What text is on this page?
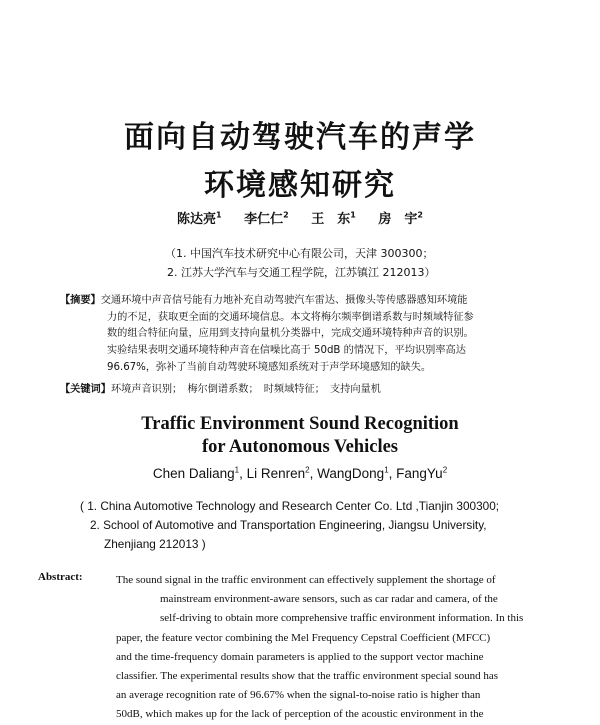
面向自动驾驶汽车的声学
环境感知研究
陈达亮$^1$ 李仁仁$^2$ 王　东$^1$ 房　宇$^2$
（1. 中国汽车技术研究中心有限公司，天津 300300；
2. 江苏大学汽车与交通工程学院，江苏镇江 212013）
【摘要】交通环境中声音信号能有力地补充自动驾驶汽车雷达、摄像头等传感器感知环境能
力的不足，获取更全面的交通环境信息。本文将梅尔频率倒谱系数与时频域特征参
数的组合特征向量，应用到支持向量机分类器中，完成交通环境特种声音的识别。
实验结果表明交通环境特种声音在信噪比高于 50dB 的情况下，平均识别率高达
96.67%，弥补了当前自动驾驶环境感知系统对于声学环境感知的缺失。
【关键词】环境声音识别；　梅尔倒谱系数；　时频域特征；　支持向量机
Traffic Environment Sound Recognition
for Autonomous Vehicles
Chen Daliang$^1$, Li Renren$^2$, WangDong$^1$, FangYu$^2$
( 1. China Automotive Technology and Research Center Co. Ltd ,Tianjin 300300;
2. School of Automotive and Transportation Engineering, Jiangsu University,
Zhenjiang 212013 )
Abstract:	The sound signal in the traffic environment can effectively supplement the shortage of
mainstream environment-aware sensors, such as car radar and camera, of the
self-driving to obtain more comprehensive traffic environment information. In this
paper, the feature vector combining the Mel Frequency Cepstral Coefficient (MFCC)
and the time-frequency domain parameters is applied to the support vector machine
classifier. The experimental results show that the traffic environment special sound has
an average recognition rate of 96.67% when the signal-to-noise ratio is higher than
50dB, which makes up for the lack of perception of the acoustic environment in the
